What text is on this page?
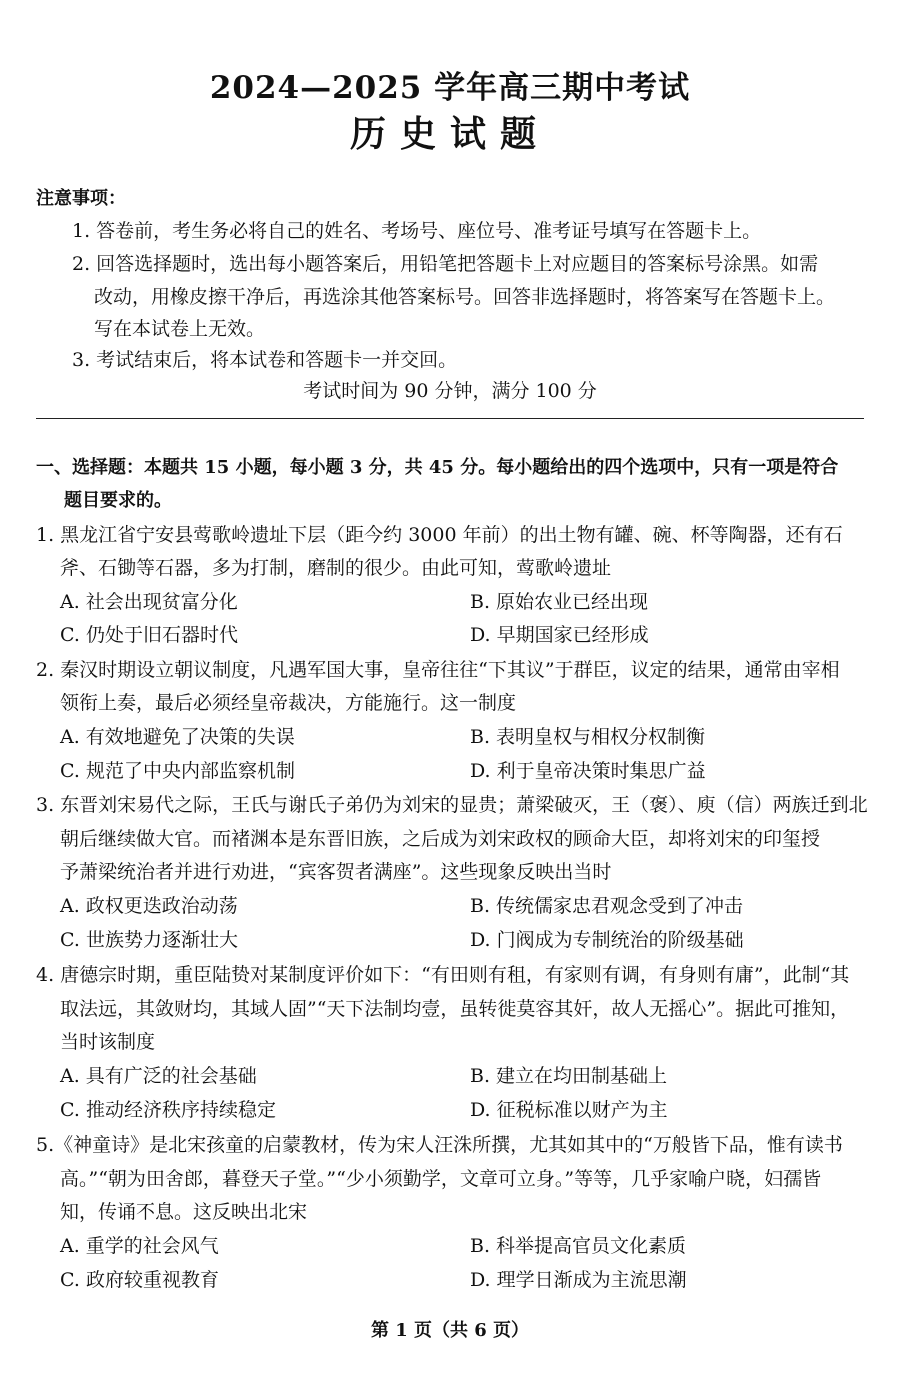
2024—2025 学年高三期中考试
历史试题
注意事项：
1. 答卷前，考生务必将自己的姓名、考场号、座位号、准考证号填写在答题卡上。
2. 回答选择题时，选出每小题答案后，用铅笔把答题卡上对应题目的答案标号涂黑。如需
改动，用橡皮擦干净后，再选涂其他答案标号。回答非选择题时，将答案写在答题卡上。
写在本试卷上无效。
3. 考试结束后，将本试卷和答题卡一并交回。
考试时间为 90 分钟，满分 100 分
一、选择题：本题共 15 小题，每小题 3 分，共 45 分。每小题给出的四个选项中，只有一项是符合
题目要求的。
1. 黑龙江省宁安县莺歌岭遗址下层（距今约 3000 年前）的出土物有罐、碗、杯等陶器，还有石
斧、石锄等石器，多为打制，磨制的很少。由此可知，莺歌岭遗址
A. 社会出现贫富分化	B. 原始农业已经出现
C. 仍处于旧石器时代	D. 早期国家已经形成
2. 秦汉时期设立朝议制度，凡遇军国大事，皇帝往往“下其议”于群臣，议定的结果，通常由宰相
领衔上奏，最后必须经皇帝裁决，方能施行。这一制度
A. 有效地避免了决策的失误	B. 表明皇权与相权分权制衡
C. 规范了中央内部监察机制	D. 利于皇帝决策时集思广益
3. 东晋刘宋易代之际，王氏与谢氏子弟仍为刘宋的显贵；萧梁破灭，王（褒）、庾（信）两族迁到北
朝后继续做大官。而褚渊本是东晋旧族，之后成为刘宋政权的顾命大臣，却将刘宋的印玺授
予萧梁统治者并进行劝进，“宾客贺者满座”。这些现象反映出当时
A. 政权更迭政治动荡	B. 传统儒家忠君观念受到了冲击
C. 世族势力逐渐壮大	D. 门阀成为专制统治的阶级基础
4. 唐德宗时期，重臣陆贽对某制度评价如下：“有田则有租，有家则有调，有身则有庸”，此制“其
取法远，其敛财均，其域人固”“天下法制均壹，虽转徙莫容其奸，故人无摇心”。据此可推知，
当时该制度
A. 具有广泛的社会基础	B. 建立在均田制基础上
C. 推动经济秩序持续稳定	D. 征税标准以财产为主
5.《神童诗》是北宋孩童的启蒙教材，传为宋人汪洙所撰，尤其如其中的“万般皆下品，惟有读书
高。”“朝为田舍郎，暮登天子堂。”“少小须勤学，文章可立身。”等等，几乎家喻户晓，妇孺皆
知，传诵不息。这反映出北宋
A. 重学的社会风气	B. 科举提高官员文化素质
C. 政府较重视教育	D. 理学日渐成为主流思潮
第 1 页（共 6 页）
